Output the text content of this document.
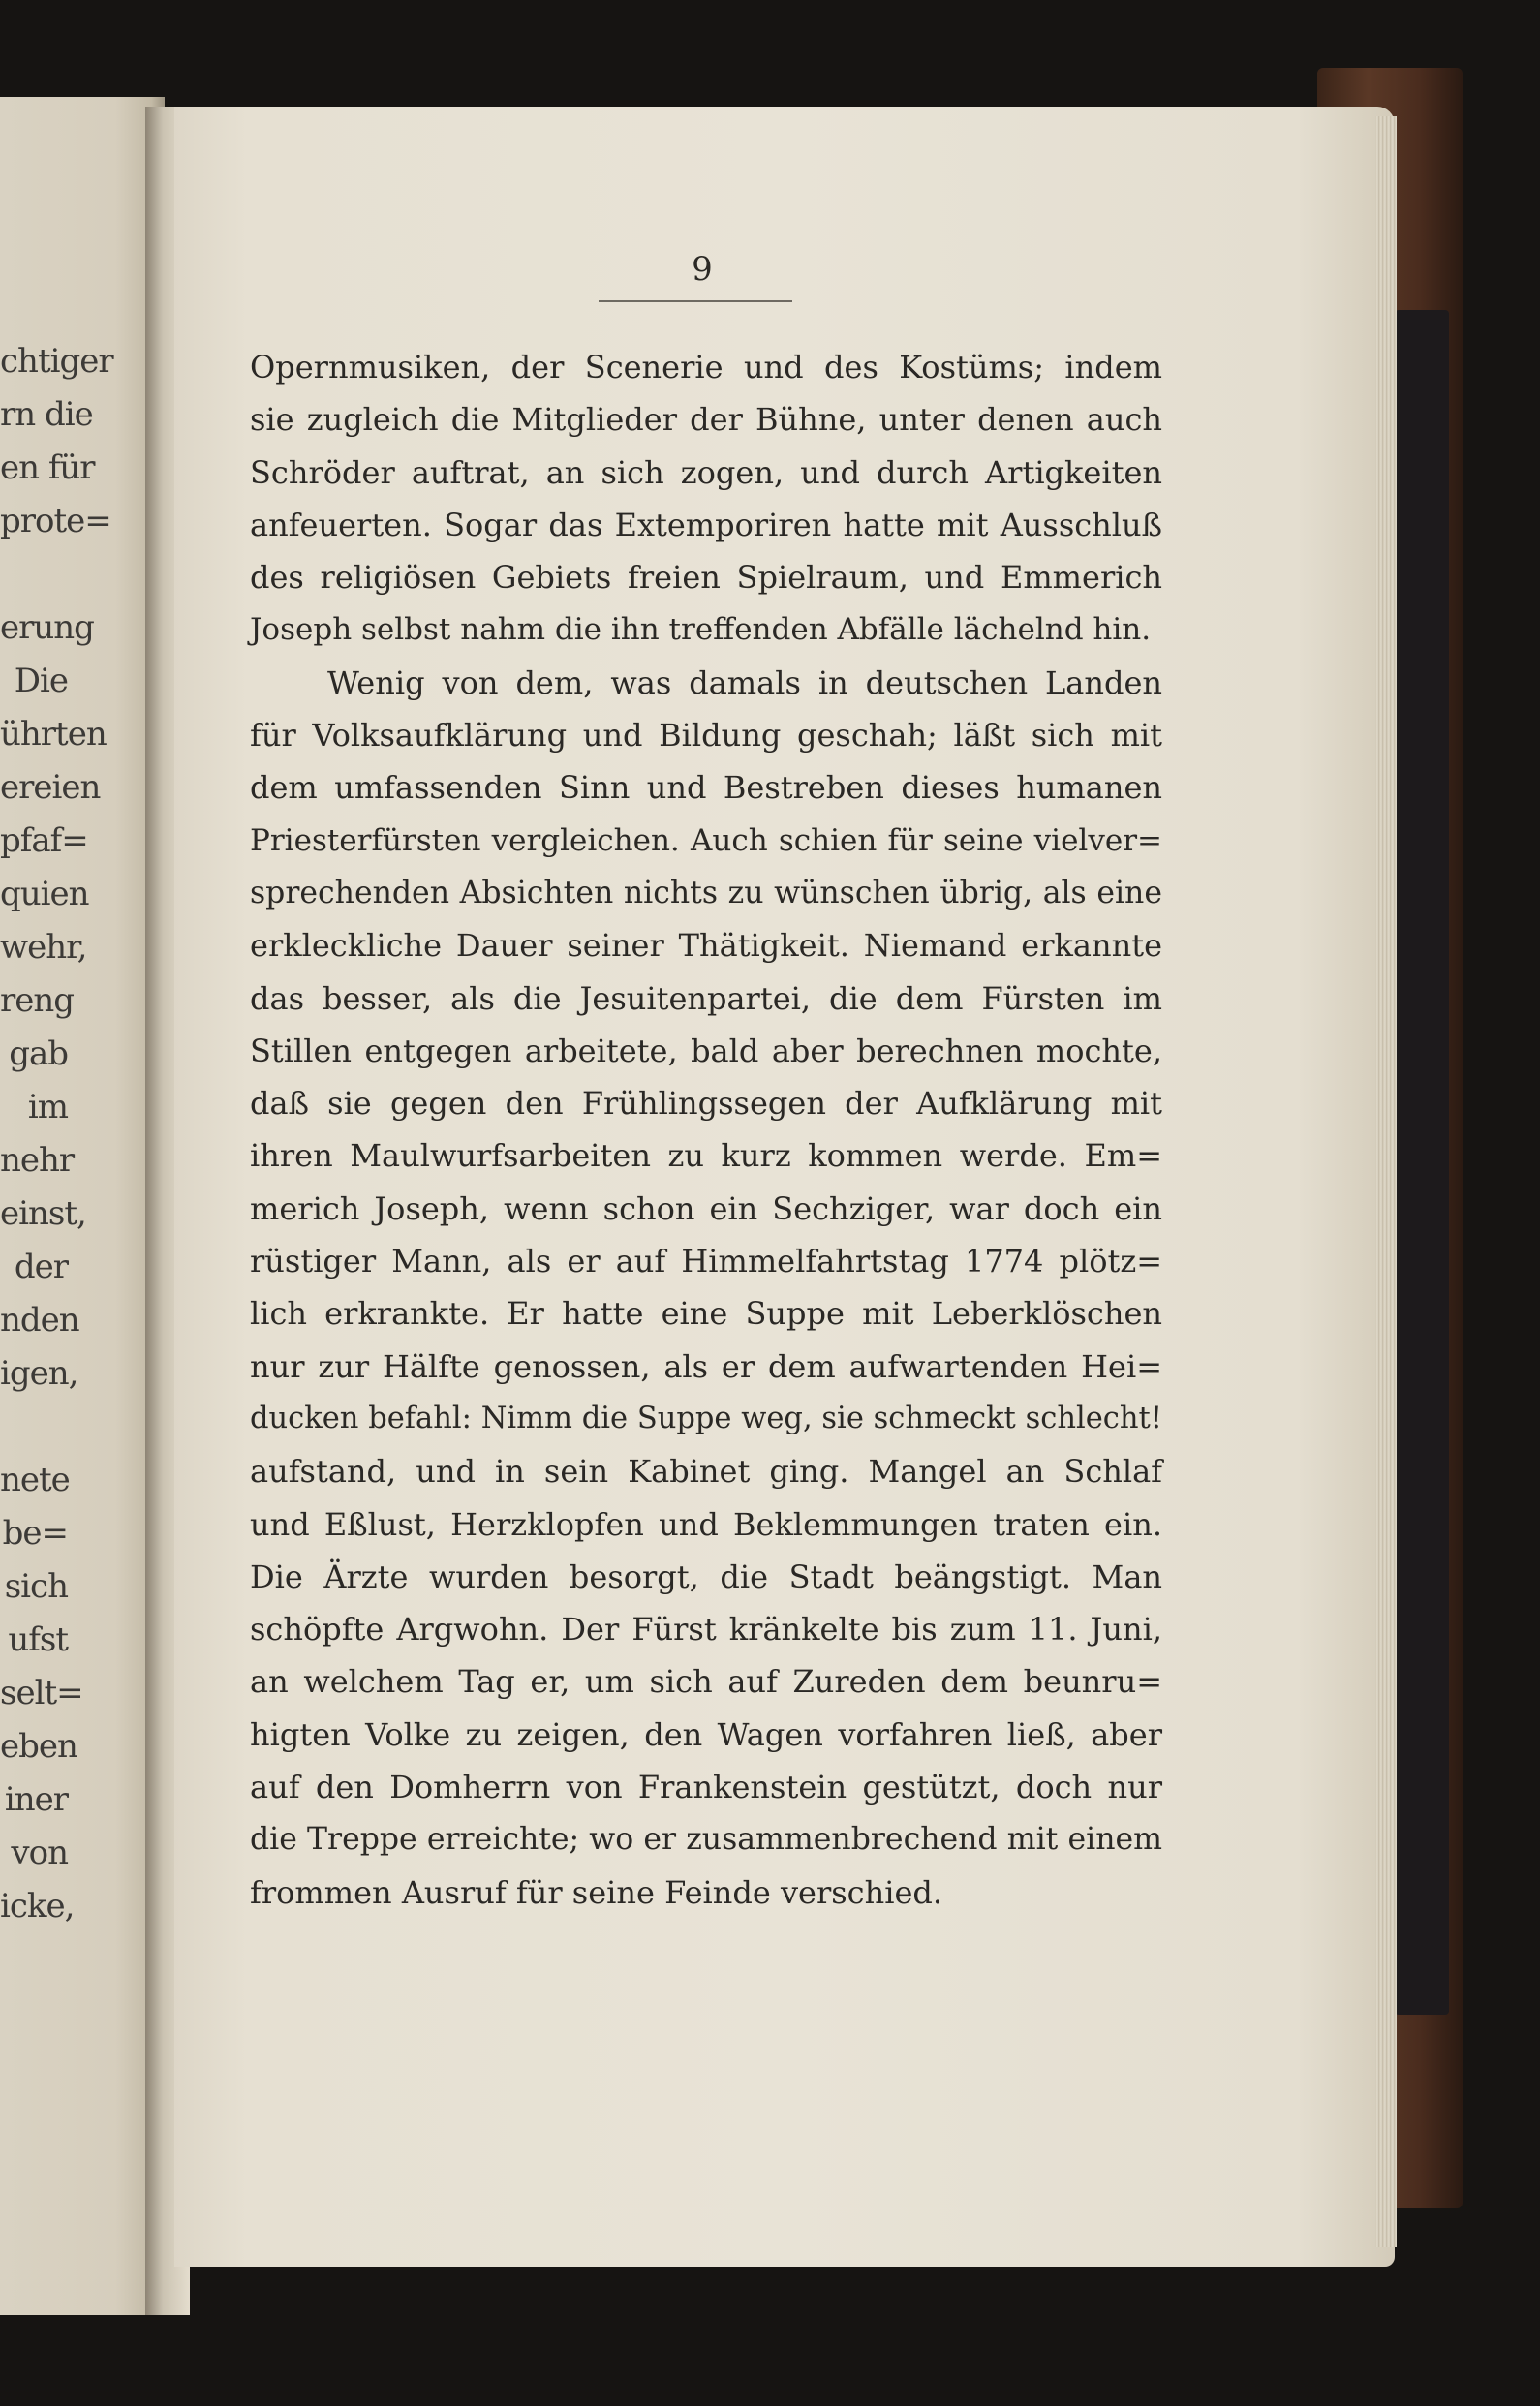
chtiger
rn die
en für
prote=
erung
Die
ührten
ereien
pfaf=
quien
wehr,
reng
gab
im
nehr
einst,
der
nden
igen,
nete
be=
sich
ufst
selt=
eben
iner
von
icke,
9
Opernmusiken, der Scenerie und des Kostüms; indem
sie zugleich die Mitglieder der Bühne, unter denen auch
Schröder auftrat, an sich zogen, und durch Artigkeiten
anfeuerten. Sogar das Extemporiren hatte mit Ausschluß
des religiösen Gebiets freien Spielraum, und Emmerich
Joseph selbst nahm die ihn treffenden Abfälle lächelnd hin.
Wenig von dem, was damals in deutschen Landen
für Volksaufklärung und Bildung geschah; läßt sich mit
dem umfassenden Sinn und Bestreben dieses humanen
Priesterfürsten vergleichen. Auch schien für seine vielver=
sprechenden Absichten nichts zu wünschen übrig, als eine
erkleckliche Dauer seiner Thätigkeit. Niemand erkannte
das besser, als die Jesuitenpartei, die dem Fürsten im
Stillen entgegen arbeitete, bald aber berechnen mochte,
daß sie gegen den Frühlingssegen der Aufklärung mit
ihren Maulwurfsarbeiten zu kurz kommen werde. Em=
merich Joseph, wenn schon ein Sechziger, war doch ein
rüstiger Mann, als er auf Himmelfahrtstag 1774 plötz=
lich erkrankte. Er hatte eine Suppe mit Leberklöschen
nur zur Hälfte genossen, als er dem aufwartenden Hei=
ducken befahl: Nimm die Suppe weg, sie schmeckt schlecht!
aufstand, und in sein Kabinet ging. Mangel an Schlaf
und Eßlust, Herzklopfen und Beklemmungen traten ein.
Die Ärzte wurden besorgt, die Stadt beängstigt. Man
schöpfte Argwohn. Der Fürst kränkelte bis zum 11. Juni,
an welchem Tag er, um sich auf Zureden dem beunru=
higten Volke zu zeigen, den Wagen vorfahren ließ, aber
auf den Domherrn von Frankenstein gestützt, doch nur
die Treppe erreichte; wo er zusammenbrechend mit einem
frommen Ausruf für seine Feinde verschied.
